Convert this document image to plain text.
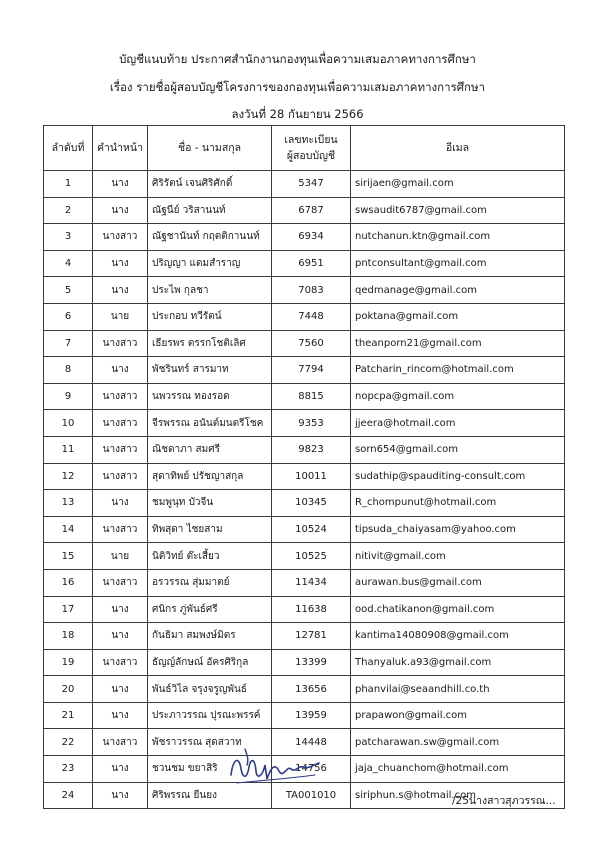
บัญชีแนบท้าย ประกาศสำนักงานกองทุนเพื่อความเสมอภาคทางการศึกษา
เรื่อง รายชื่อผู้สอบบัญชีโครงการของกองทุนเพื่อความเสมอภาคทางการศึกษา
ลงวันที่ 28 กันยายน 2566
ลำดับที่	คำนำหน้า	ชื่อ - นามสกุล	เลขทะเบียน
ผู้สอบบัญชี	อีเมล
1	นาง	ศิริรัตน์ เจนศิริศักดิ์	5347	sirijaen@gmail.com
2	นาง	ณัฐนีย์ วริสานนท์	6787	swsaudit6787@gmail.com
3	นางสาว	ณัฐชานันท์ กฤตติกานนท์	6934	nutchanun.ktn@gmail.com
4	นาง	ปริญญา แดมสำราญ	6951	pntconsultant@gmail.com
5	นาง	ประไพ กุลชา	7083	qedmanage@gmail.com
6	นาย	ประกอบ ทวีรัตน์	7448	poktana@gmail.com
7	นางสาว	เธียรพร ตรรกโชติเลิศ	7560	theanporn21@gmail.com
8	นาง	พัชรินทร์ สารมาท	7794	Patcharin_rincom@hotmail.com
9	นางสาว	นพวรรณ ทองรอด	8815	nopcpa@gmail.com
10	นางสาว	จีรพรรณ อนันต์มนตรีโชค	9353	jjeera@hotmail.com
11	นางสาว	ณิชดาภา สมศรี	9823	sorn654@gmail.com
12	นางสาว	สุดาทิพย์ ปรัชญาสกุล	10011	sudathip@spauditing-consult.com
13	นาง	ชมพูนุท บัวจีน	10345	R_chompunut@hotmail.com
14	นางสาว	ทิพสุดา ไชยสาม	10524	tipsuda_chaiyasam@yahoo.com
15	นาย	นิติวิทย์ ต๊ะเสี้ยว	10525	nitivit@gmail.com
16	นางสาว	อรวรรณ สุ่มมาตย์	11434	aurawan.bus@gmail.com
17	นาง	ศนิกร ภู่พันธ์ศรี	11638	ood.chatikanon@gmail.com
18	นาง	กันธิมา สมพงษ์มิตร	12781	kantima14080908@gmail.com
19	นางสาว	ธัญญ์ลักษณ์ อัครศิริกุล	13399	Thanyaluk.a93@gmail.com
20	นาง	พันธ์วิไล จรุงจรูญพันธ์	13656	phanvilai@seaandhill.co.th
21	นาง	ประภาวรรณ ปุรณะพรรค์	13959	prapawon@gmail.com
22	นางสาว	พัชราวรรณ สุดสวาท	14448	patcharawan.sw@gmail.com
23	นาง	ชวนชม ขยาสิริ	14756	jaja_chuanchom@hotmail.com
24	นาง	ศิริพรรณ ยืนยง	TA001010	siriphun.s@hotmail.com
/25นางสาวสุภวรรณ...
